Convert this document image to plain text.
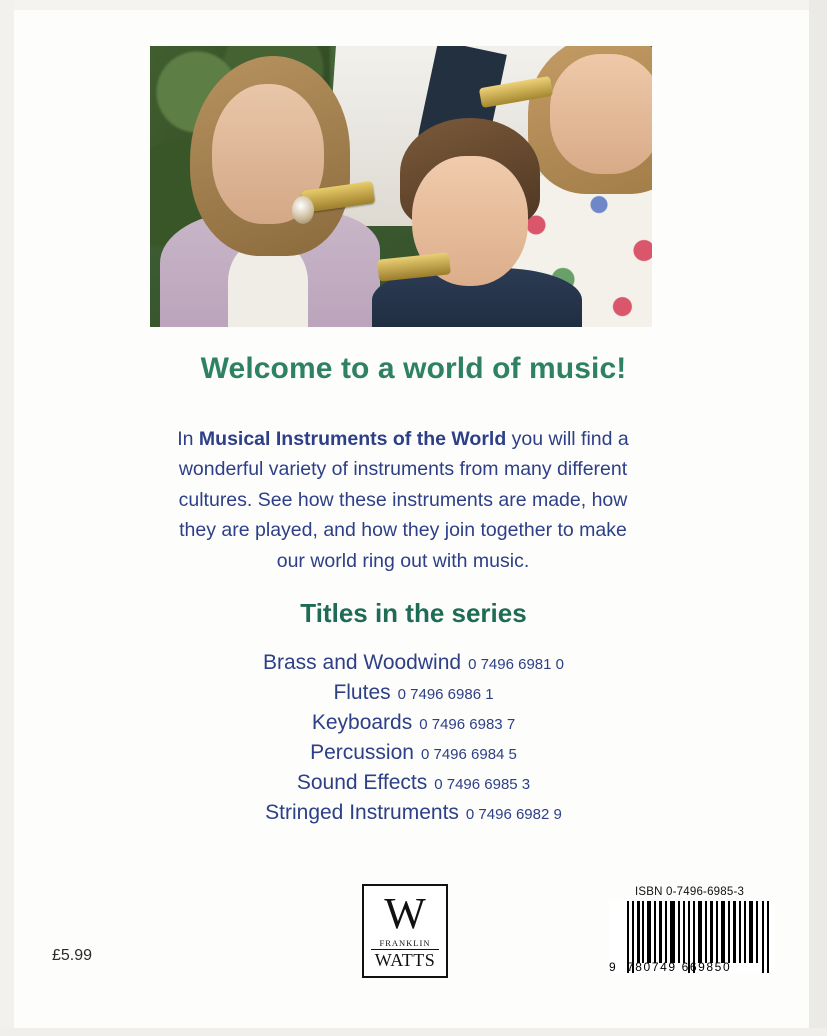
Welcome to a world of music!

In Musical Instruments of the World you will find a wonderful variety of instruments from many different cultures. See how these instruments are made, how they are played, and how they join together to make our world ring out with music.

Titles in the series
Brass and Woodwind 0 7496 6981 0
Flutes 0 7496 6986 1
Keyboards 0 7496 6983 7
Percussion 0 7496 6984 5
Sound Effects 0 7496 6985 3
Stringed Instruments 0 7496 6982 9
£5.99
W
FRANKLIN
WATTS
ISBN 0-7496-6985-3
9 780749 669850
